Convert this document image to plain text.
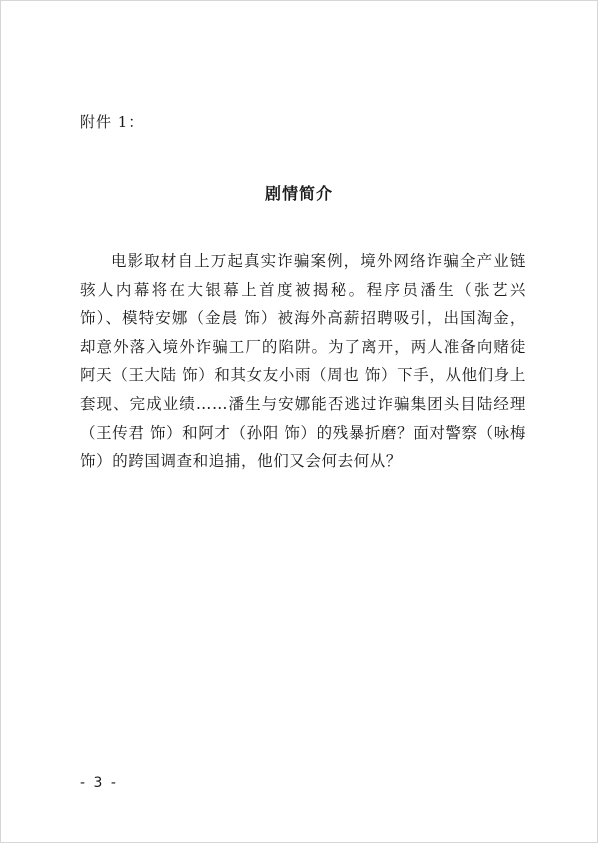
附件 1：
剧情简介
电影取材自上万起真实诈骗案例，境外网络诈骗全产业链骇人内幕将在大银幕上首度被揭秘。程序员潘生（张艺兴 饰）、模特安娜（金晨 饰）被海外高薪招聘吸引，出国淘金，却意外落入境外诈骗工厂的陷阱。为了离开，两人准备向赌徒阿天（王大陆 饰）和其女友小雨（周也 饰）下手，从他们身上套现、完成业绩……潘生与安娜能否逃过诈骗集团头目陆经理（王传君 饰）和阿才（孙阳 饰）的残暴折磨？面对警察（咏梅 饰）的跨国调查和追捕，他们又会何去何从？
- 3 -
